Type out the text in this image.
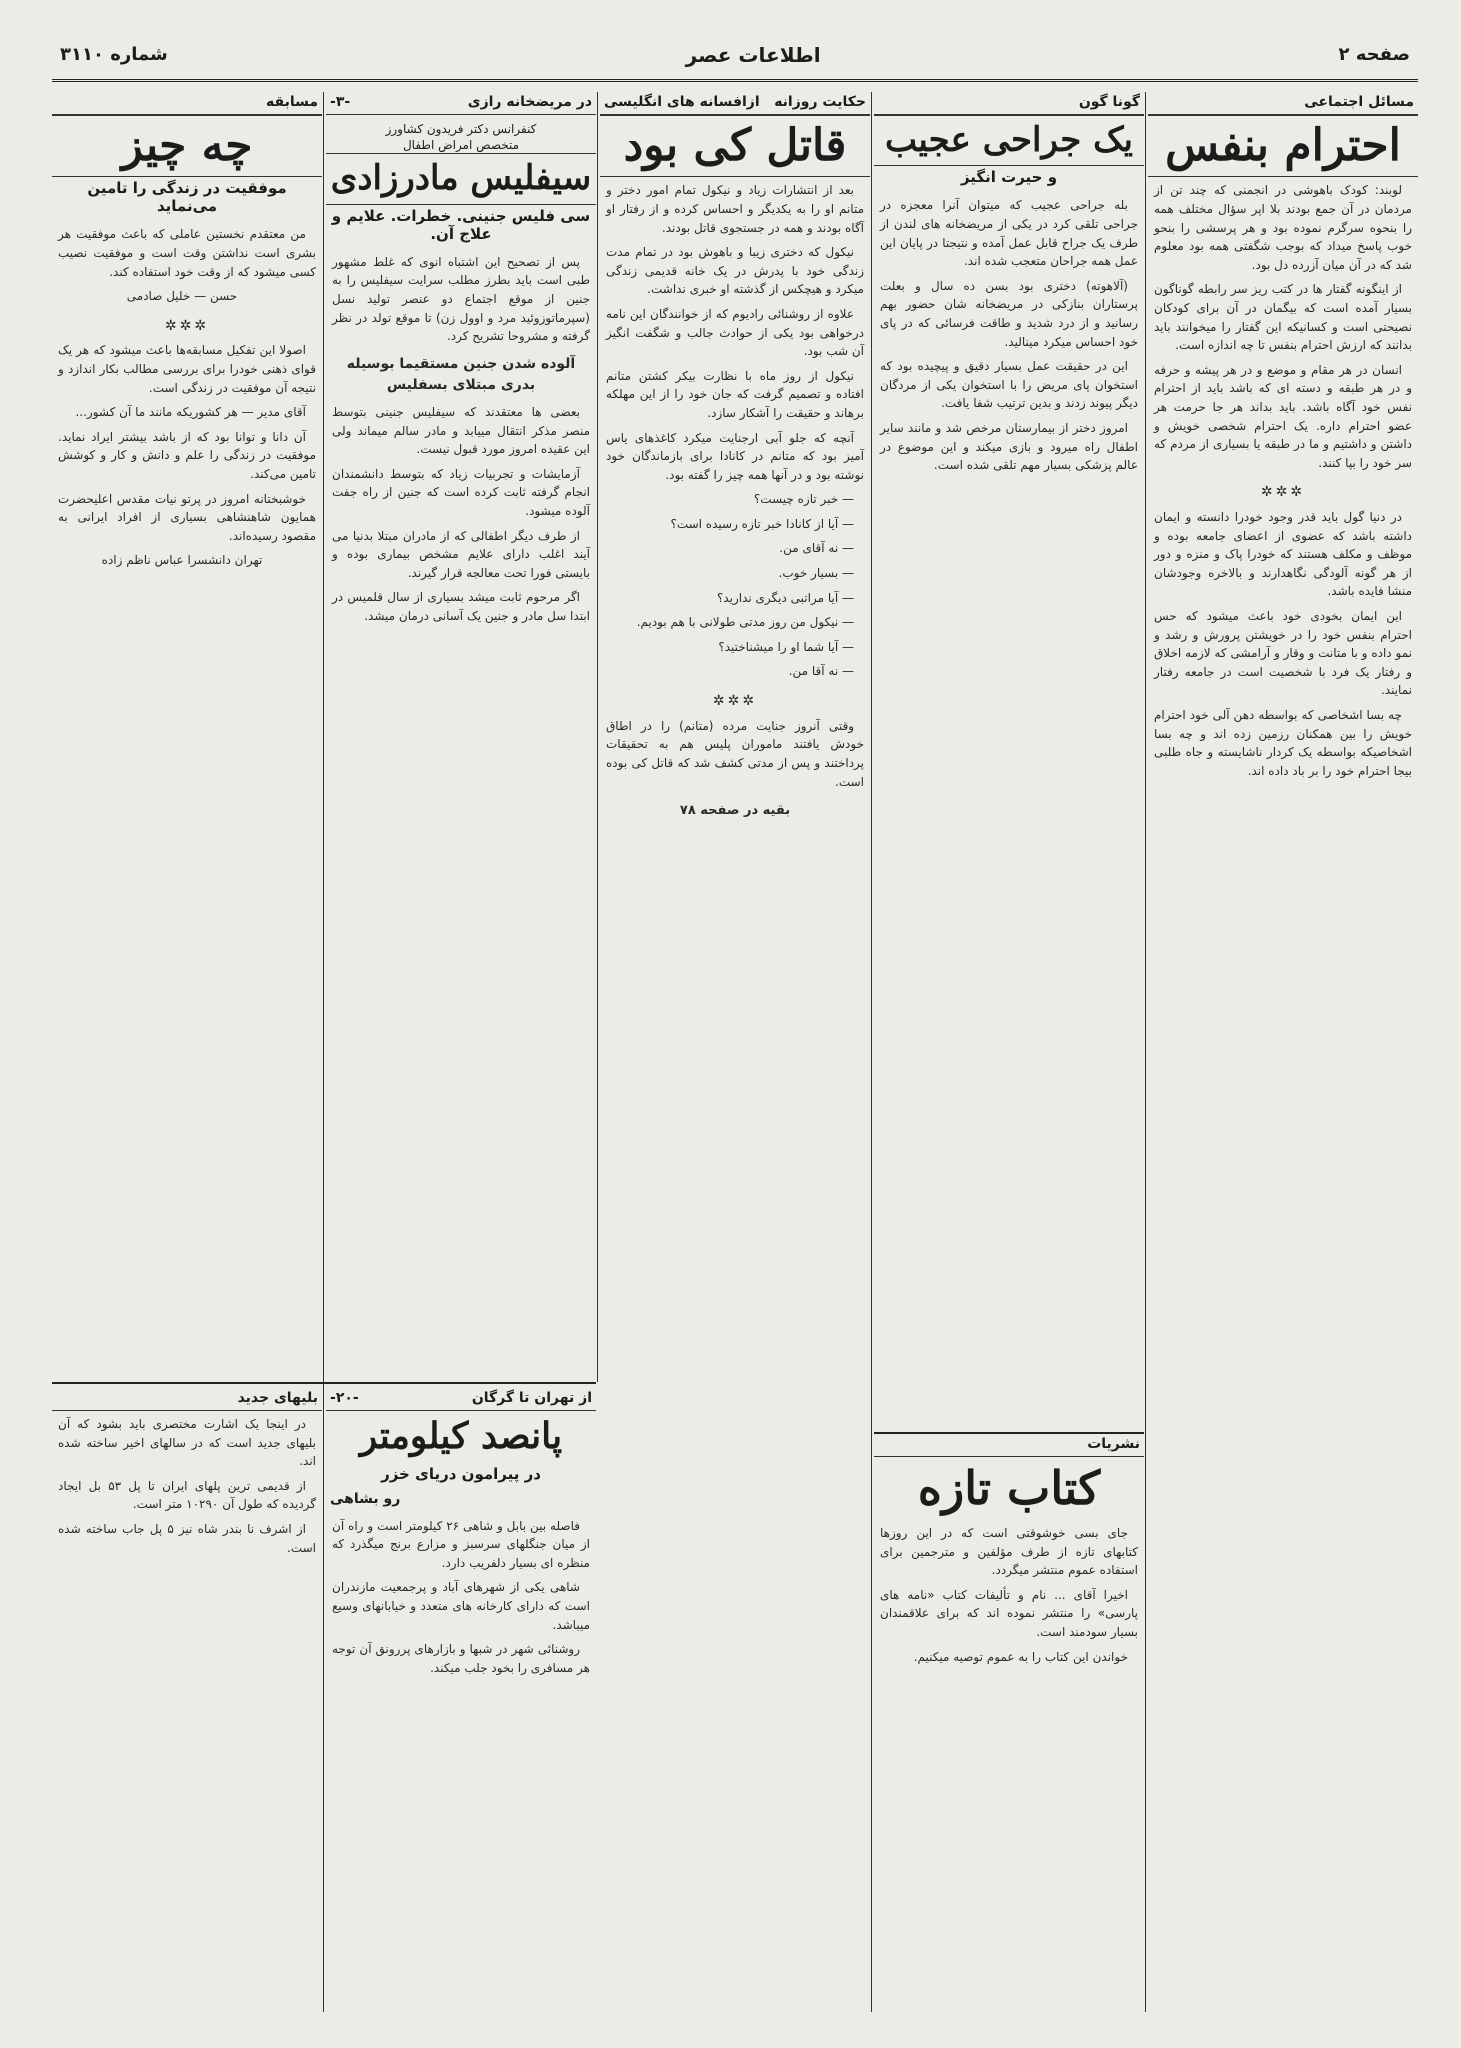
صفحه ۲
اطلاعات عصر
شماره ۳۱۱۰
مسائل اجتماعی
احترام بنفس

لوبند: کودک باهوشی در انجمنی که چند تن از مردمان در آن جمع بودند بلا اپر سؤال مختلف همه را بنحوه سرگرم نموده بود و هر پرسشی را بنحو خوب پاسخ میداد که بوجب شگفتی همه بود معلوم شد که در آن میان آزرده دل بود.

از اینگونه گفتار ها در کتب ریز سر رابطه گوناگون بسیار آمده است که بیگمان در آن برای کودکان نصیحتی است و کسانیکه این گفتار را میخوانند باید بدانند که ارزش احترام بنفس تا چه اندازه است.

انسان در هر مقام و موضع و در هر پیشه و حرفه و در هر طبقه و دسته ای که باشد باید از احترام نفس خود آگاه باشد. باید بداند هر جا حرمت هر عضو احترام داره. یک احترام شخصی خویش و داشتن و داشتیم و ما در طبقه یا بسیاری از مردم که سر خود را بپا کنند.

✲✲✲

در دنیا گول باید قدر وجود خودرا دانسته و ایمان داشته باشد که عضوی از اعضای جامعه بوده و موظف و مکلف هستند که خودرا پاک و منزه و دور از هر گونه آلودگی نگاهدارند و بالاخره وجودشان منشا فایده باشد.

این ایمان بخودی خود باعث میشود که حس احترام بنفس خود را در خویشتن پرورش و رشد و نمو داده و با متانت و وقار و آرامشی که لازمه اخلاق و رفتار یک فرد با شخصیت است در جامعه رفتار نمایند.

چه بسا اشخاصی که بواسطه دهن آلی خود احترام خویش را بین همکنان رزمین زده اند و چه بسا اشخاصیکه بواسطه یک کردار ناشایسته و جاه طلبی بیجا احترام خود را بر باد داده اند.

گونا گون
یک جراحی عجیب
و حیرت انگیز

بله جراحی عجیب که میتوان آنرا معجزه در جراحی تلقی کرد در یکی از مریضخانه های لندن از طرف یک جراح قابل عمل آمده و نتیجتا در پایان این عمل همه جراحان متعجب شده اند.

(آلاهوته) دختری بود بسن ده سال و بعلت پرستاران بنازکی در مریضخانه شان حضور بهم رسانید و از درد شدید و طاقت فرسائی که در پای خود احساس میکرد مینالید.

این در حقیقت عمل بسیار دقیق و پیچیده بود که استخوان پای مریض را با استخوان یکی از مردگان دیگر پیوند زدند و بدین ترتیب شفا یافت.

امروز دختر از بیمارستان مرخص شد و مانند سایر اطفال راه میرود و بازی میکند و این موضوع در عالم پزشکی بسیار مهم تلقی شده است.

نشریات
کتاب تازه

جای بسی خوشوقتی است که در این روزها کتابهای تازه از طرف مؤلفین و مترجمین برای استفاده عموم منتشر میگردد.

اخیرا آقای ... نام و تألیفات کتاب «نامه های پارسی» را منتشر نموده اند که برای علاقمندان بسیار سودمند است.

خواندن این کتاب را به عموم توصیه میکنیم.

حکایت روزانه
ازافسانه های انگلیسی
قاتل کی بود

بعد از انتشارات زیاد و نیکول تمام امور دختر و متانم او را به یکدیگر و احساس کرده و از رفتار او آگاه بودند و همه در جستجوی قاتل بودند.

نیکول که دختری زیبا و باهوش بود در تمام مدت زندگی خود با پدرش در یک خانه قدیمی زندگی میکرد و هیچکس از گذشته او خبری نداشت.

علاوه از روشنائی رادیوم که از خوانندگان این نامه درخواهی بود یکی از حوادث جالب و شگفت انگیز آن شب بود.

نیکول از روز ماه با نظارت بیکر کشتن متانم افتاده و تصمیم گرفت که جان خود را از این مهلکه برهاند و حقیقت را آشکار سازد.

آنچه که جلو آبی ارجنایت میکرد کاغذهای یاس آمیز بود که متانم در کانادا برای بازماندگان خود نوشته بود و در آنها همه چیز را گفته بود.

— خبر تازه چیست؟

— آیا از کانادا خبر تازه رسیده است؟

— نه آقای من.

— بسیار خوب.

— آیا مراتبی دیگری ندارید؟

— نیکول من روز مدتی طولانی با هم بودیم.

— آیا شما او را میشناختید؟

— نه آقا من.

✲✲✲

وقتی آنروز جنایت مرده (متانم) را در اطاق خودش یافتند ماموران پلیس هم به تحقیقات پرداختند و پس از مدتی کشف شد که قاتل کی بوده است.

بقیه در صفحه ۷۸
در مریضخانه رازی
-۳-
کنفرانس دکتر فریدون کشاورز
متخصص امراض اطفال
سیفلیس مادرزادی
سی فلیس جنینی. خطرات. علایم و علاج آن.

پس از تصحیح این اشتباه انوی که غلط مشهور طبی است باید بطرز مطلب سرایت سیفلیس را به جنین از موقع اجتماع دو عنصر تولید نسل (سپرماتوزوئید مرد و اوول زن) تا موقع تولد در نظر گرفته و مشروحا تشریح کرد.

آلوده شدن جنین مستقیما بوسیله بدری مبتلای بسفلیس

بعضی ها معتقدند که سیفلیس جنینی بتوسط منصر مذکر انتقال مییابد و مادر سالم میماند ولی این عقیده امروز مورد قبول نیست.

آزمایشات و تجربیات زیاد که بتوسط دانشمندان انجام گرفته ثابت کرده است که جنین از راه جفت آلوده میشود.

از طرف دیگر اطفالی که از مادران مبتلا بدنیا می آیند اغلب دارای علایم مشخص بیماری بوده و بایستی فورا تحت معالجه قرار گیرند.

اگر مرحوم ثابت میشد بسیاری از سال قلمیس در ابتدا سل مادر و جنین یک آسانی درمان میشد.

مسابقه
چه چیز
موفقیت در زندگی را تامین می‌نماید

من معتقدم نخستین عاملی که باعث موفقیت هر بشری است نداشتن وقت است و موفقیت نصیب کسی میشود که از وقت خود استفاده کند.

حسن — خلیل صادمی

✲✲✲

اصولا این تفکیل مسابقه‌ها باعث میشود که هر یک قوای ذهنی خودرا برای بررسی مطالب بکار اندازد و نتیجه آن موفقیت در زندگی است.

آقای مدیر — هر کشوریکه مانند ما آن کشور...

آن دانا و توانا بود که از باشد بیشتر ایراد نماید. موفقیت در زندگی را علم و دانش و کار و کوشش تامین می‌کند.

خوشبختانه امروز در پرتو نیات مقدس اعلیحضرت همایون شاهنشاهی بسیاری از افراد ایرانی به مقصود رسیده‌اند.

تهران دانشسرا عباس ناظم زاده

از تهران تا گرگان
-۲۰-
پانصد کیلومتر
در پیرامون دریای خزر
رو بشاهی

فاصله بین بابل و شاهی ۲۶ کیلومتر است و راه آن از میان جنگلهای سرسبز و مزارع برنج میگذرد که منظره ای بسیار دلفریب دارد.

شاهی یکی از شهرهای آباد و پرجمعیت مازندران است که دارای کارخانه های متعدد و خیابانهای وسیع میباشد.

روشنائی شهر در شبها و بازارهای پررونق آن توجه هر مسافری را بخود جلب میکند.

بلیهای جدید

در اینجا یک اشارت مختصری باید بشود که آن بلیهای جدید است که در سالهای اخیر ساخته شده اند.

از قدیمی ترین پلهای ایران تا پل ۵۳ بل ایجاد گردیده که طول آن ۱۰۲۹۰ متر است.

از اشرف نا بندر شاه نیز ۵ پل جاب ساخته شده است.
